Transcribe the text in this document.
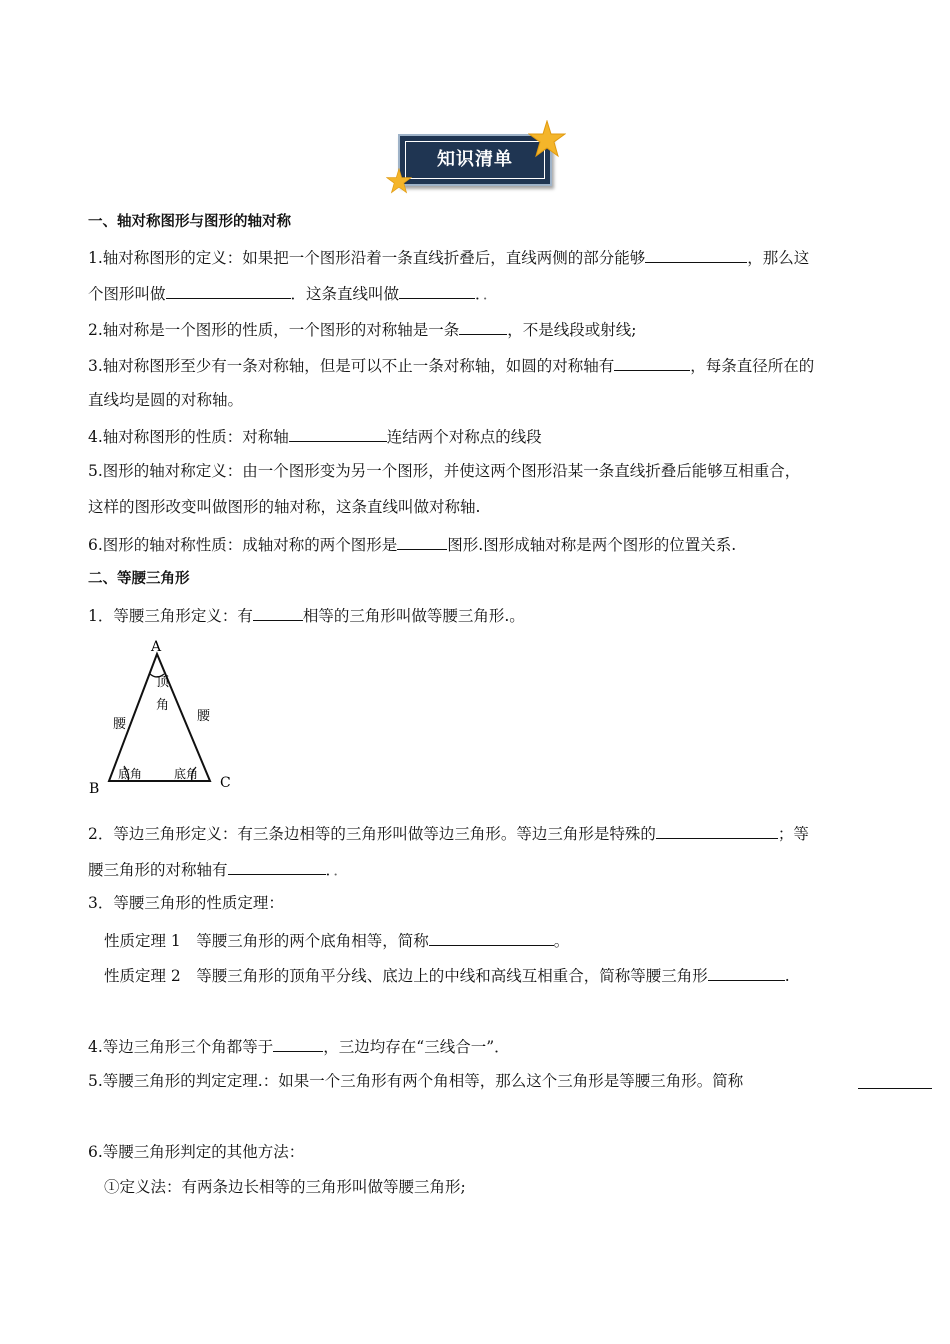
知识清单
一、轴对称图形与图形的轴对称
1.轴对称图形的定义：如果把一个图形沿着一条直线折叠后，直线两侧的部分能够	，那么这
个图形叫做	．这条直线叫做	．．
2.轴对称是一个图形的性质，一个图形的对称轴是一条	，不是线段或射线;
3.轴对称图形至少有一条对称轴，但是可以不止一条对称轴，如圆的对称轴有	，每条直径所在的
直线均是圆的对称轴。
4.轴对称图形的性质：对称轴	连结两个对称点的线段
5.图形的轴对称定义：由一个图形变为另一个图形，并使这两个图形沿某一条直线折叠后能够互相重合，
这样的图形改变叫做图形的轴对称，这条直线叫做对称轴.
6.图形的轴对称性质：成轴对称的两个图形是	图形.图形成轴对称是两个图形的位置关系.
二、等腰三角形
1．等腰三角形定义：有	相等的三角形叫做等腰三角形.。
A
B	C
顶
角
腰
腰
底角	底角
2．等边三角形定义：有三条边相等的三角形叫做等边三角形。等边三角形是特殊的	；等
腰三角形的对称轴有	．．
3．等腰三角形的性质定理：
性质定理 1　等腰三角形的两个底角相等，简称	。
性质定理 2　等腰三角形的顶角平分线、底边上的中线和高线互相重合，简称等腰三角形	.
4.等边三角形三个角都等于	，三边均存在“三线合一”．
5.等腰三角形的判定定理.：如果一个三角形有两个角相等，那么这个三角形是等腰三角形。简称
6.等腰三角形判定的其他方法：
①定义法：有两条边长相等的三角形叫做等腰三角形;
